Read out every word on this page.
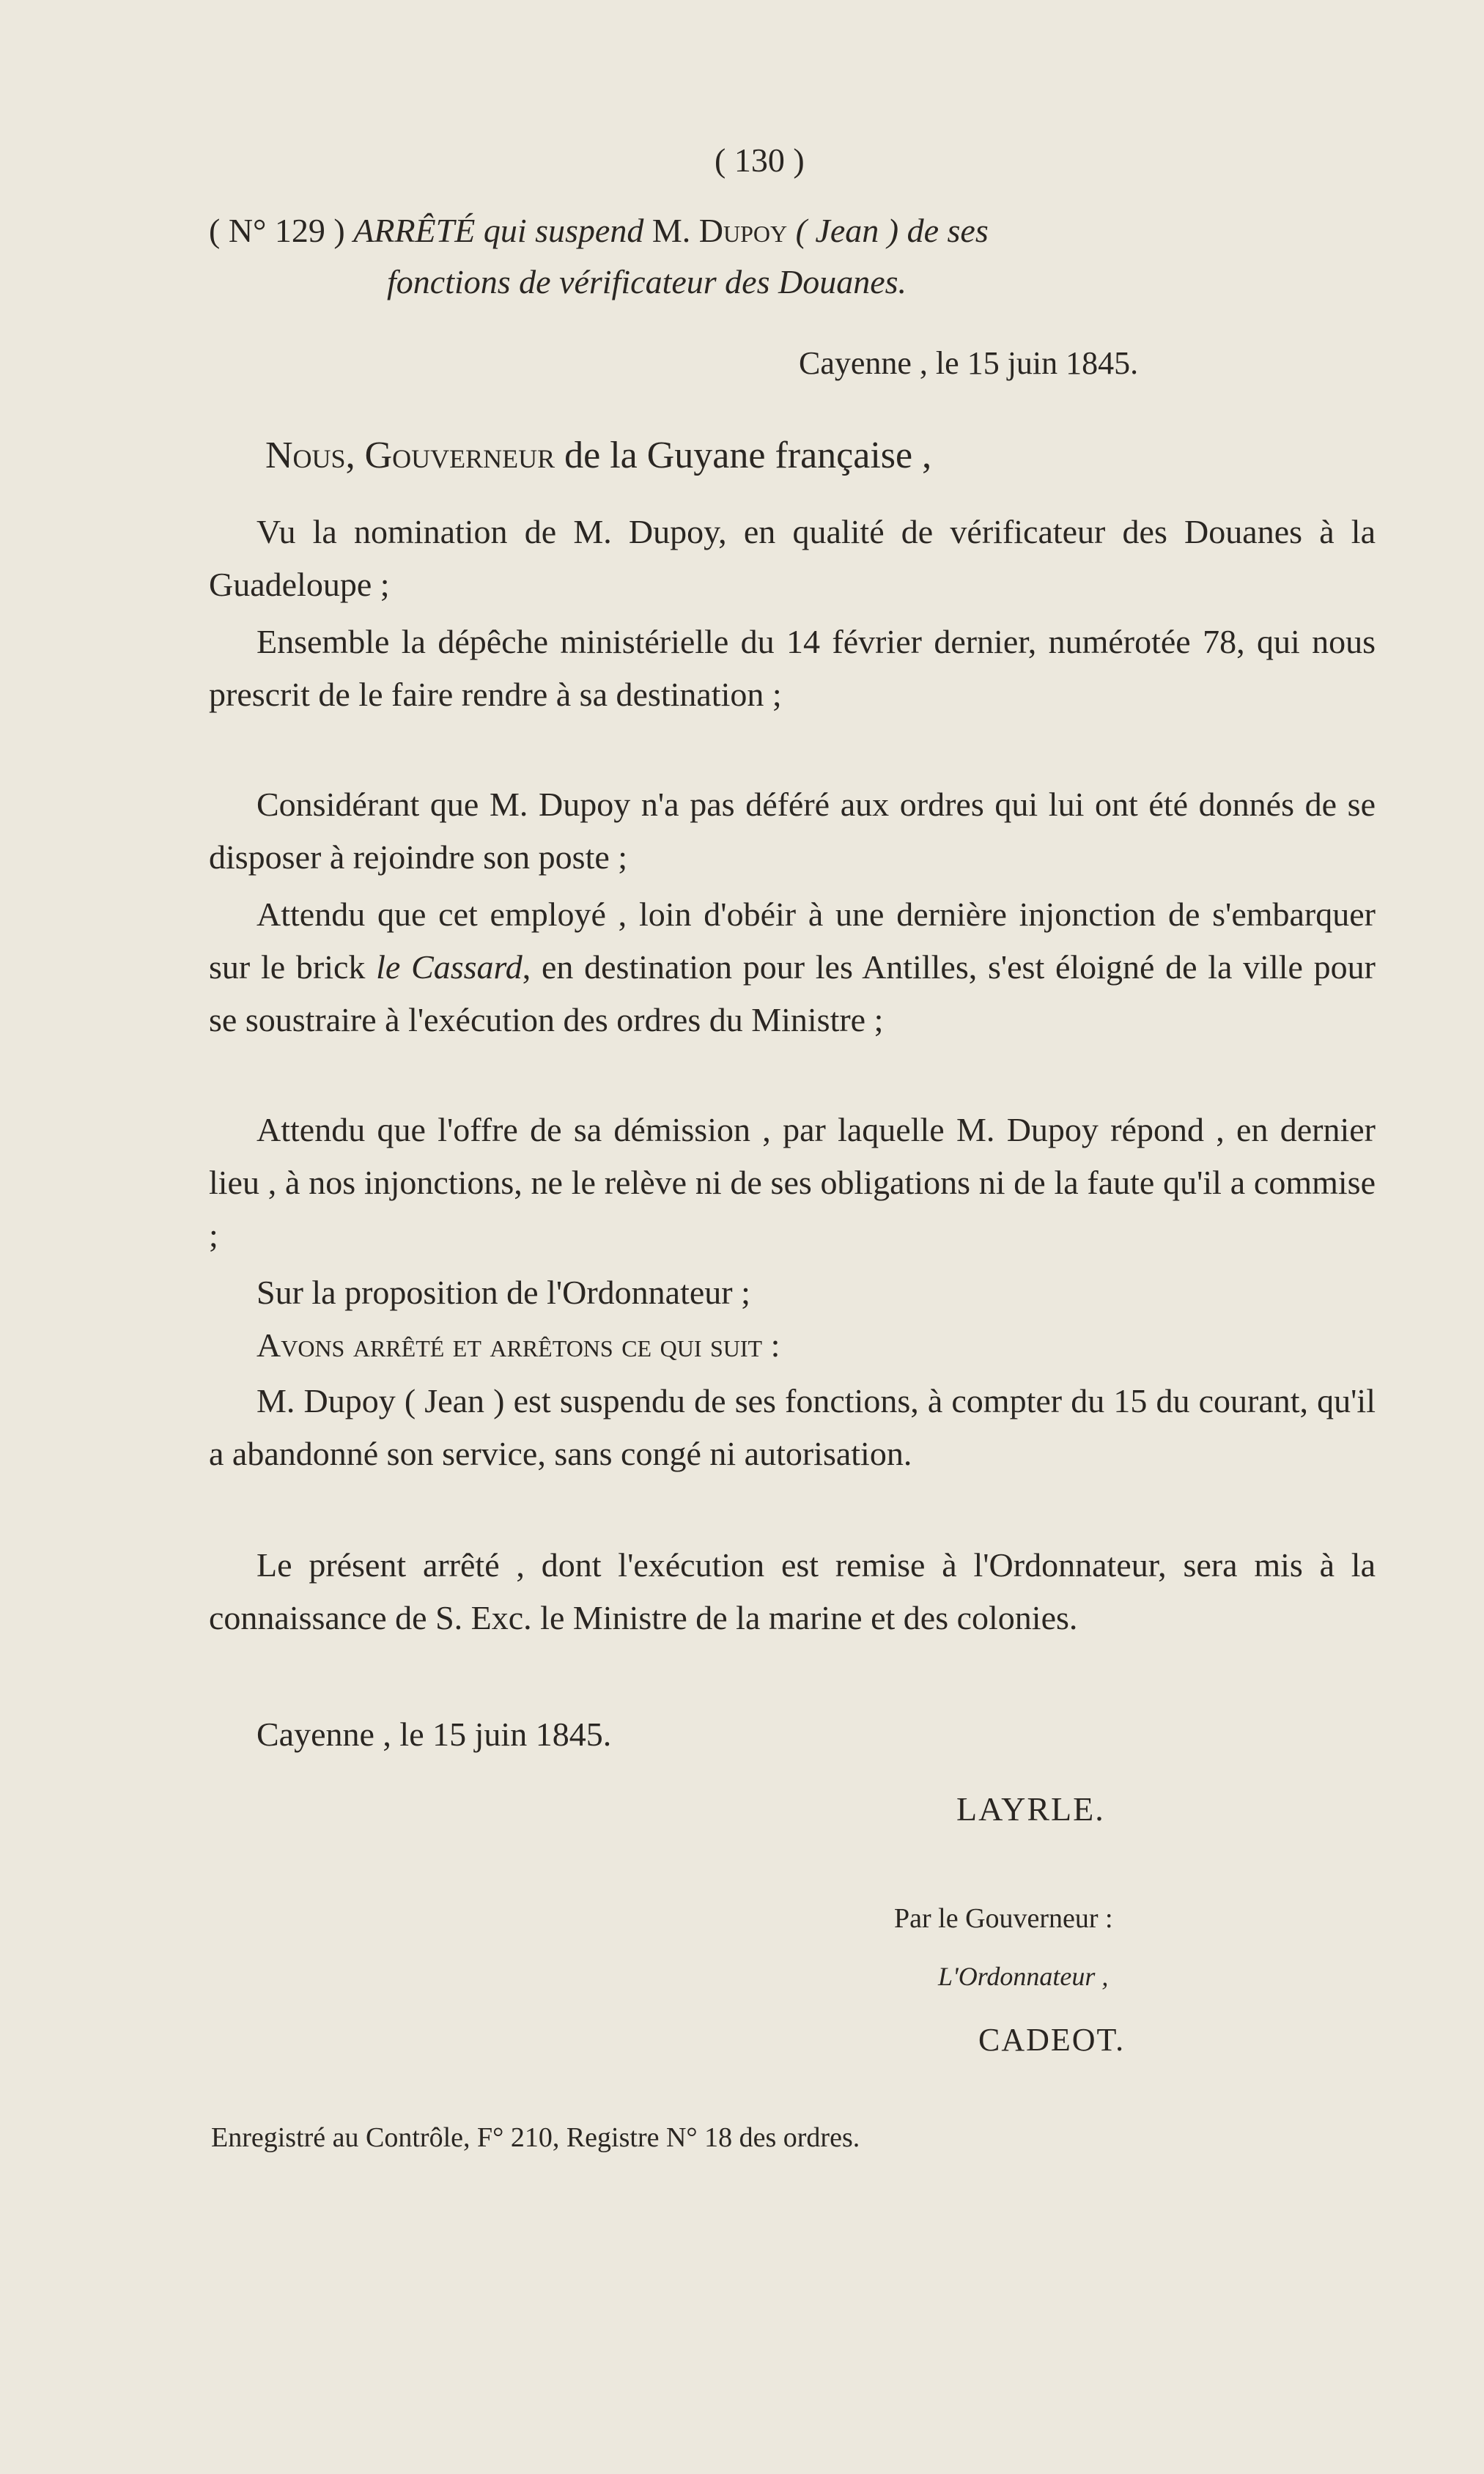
( 130 )
( N° 129 ) ARRÊTÉ qui suspend M. Dupoy ( Jean ) de ses
fonctions de vérificateur des Douanes.
Cayenne , le 15 juin 1845.
Nous, Gouverneur de la Guyane française ,
Vu la nomination de M. Dupoy, en qualité de vérificateur des Douanes à la Guadeloupe ;
Ensemble la dépêche ministérielle du 14 février dernier, numérotée 78, qui nous prescrit de le faire rendre à sa destination ;
Considérant que M. Dupoy n'a pas déféré aux ordres qui lui ont été donnés de se disposer à rejoindre son poste ;
Attendu que cet employé , loin d'obéir à une dernière injonction de s'embarquer sur le brick le Cassard, en destination pour les Antilles, s'est éloigné de la ville pour se soustraire à l'exécution des ordres du Ministre ;
Attendu que l'offre de sa démission , par laquelle M. Dupoy répond , en dernier lieu , à nos injonctions, ne le relève ni de ses obligations ni de la faute qu'il a commise ;
Sur la proposition de l'Ordonnateur ;
Avons arrêté et arrêtons ce qui suit :
M. Dupoy ( Jean ) est suspendu de ses fonctions, à compter du 15 du courant, qu'il a abandonné son service, sans congé ni autorisation.
Le présent arrêté , dont l'exécution est remise à l'Ordonnateur, sera mis à la connaissance de S. Exc. le Ministre de la marine et des colonies.
Cayenne , le 15 juin 1845.
LAYRLE.
Par le Gouverneur :
L'Ordonnateur ,
CADEOT.
Enregistré au Contrôle, F° 210, Registre N° 18 des ordres.
